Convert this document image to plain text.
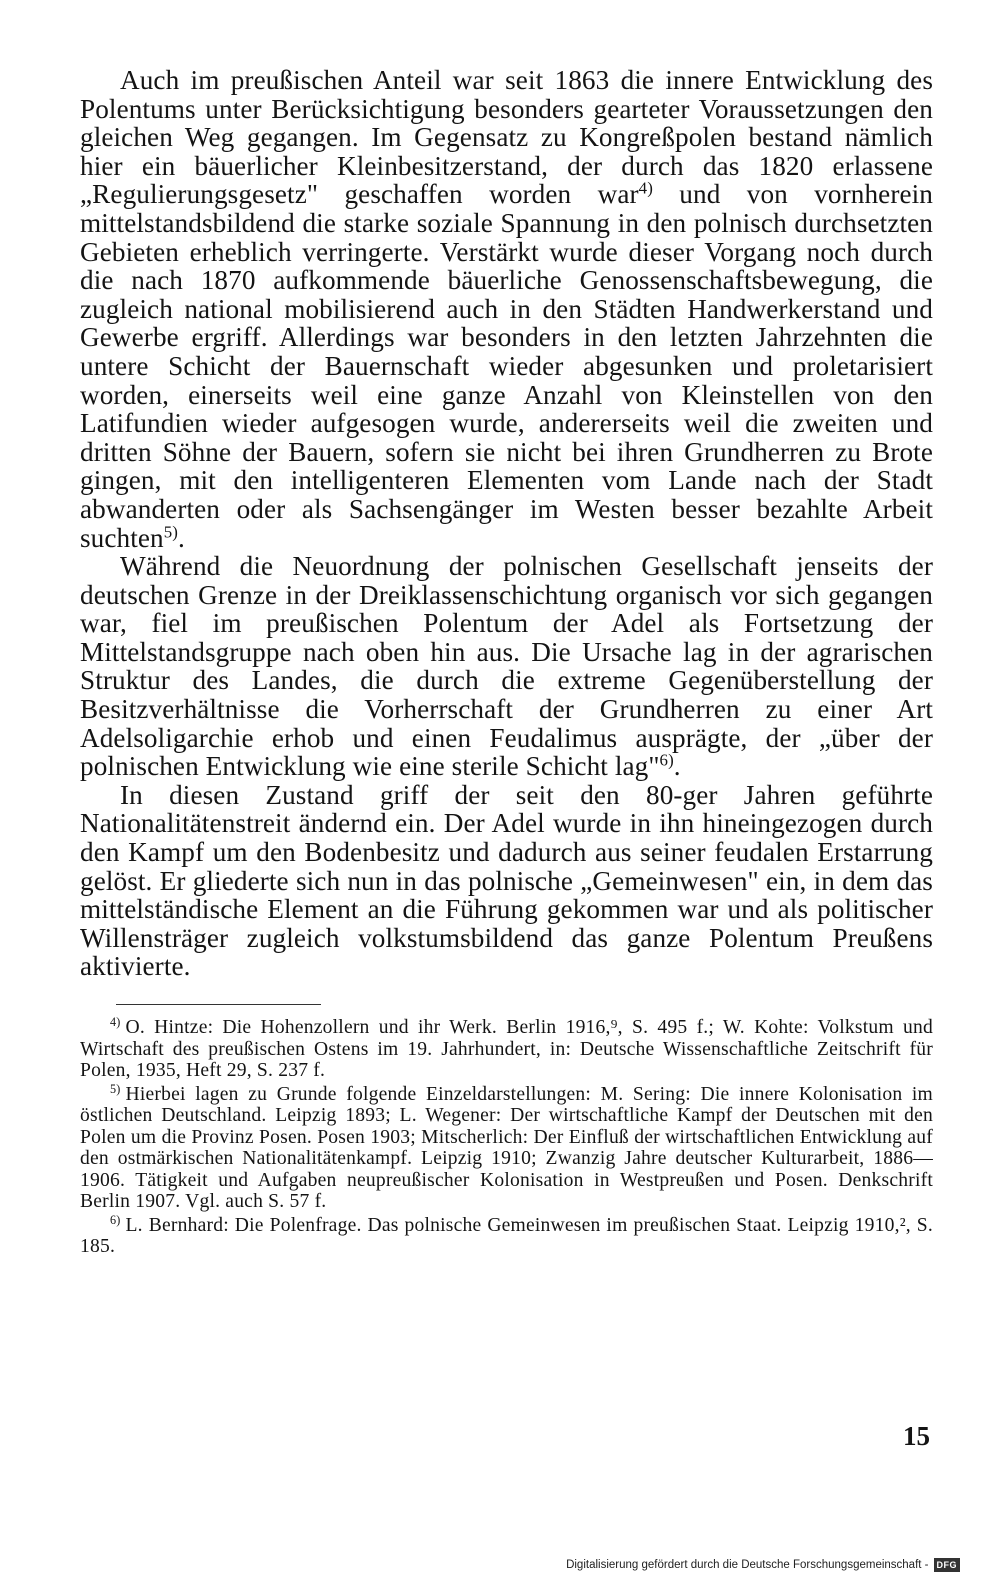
Auch im preußischen Anteil war seit 1863 die innere Entwicklung des Polentums unter Berücksichtigung besonders gearteter Voraussetzungen den gleichen Weg gegangen. Im Gegensatz zu Kongreßpolen bestand nämlich hier ein bäuerlicher Kleinbesitzerstand, der durch das 1820 erlassene „Regulierungsgesetz" geschaffen worden war$^{4)}$ und von vornherein mittelstandsbildend die starke soziale Spannung in den polnisch durchsetzten Gebieten erheblich verringerte. Verstärkt wurde dieser Vorgang noch durch die nach 1870 aufkommende bäuerliche Genossenschaftsbewegung, die zugleich national mobilisierend auch in den Städten Handwerkerstand und Gewerbe ergriff. Allerdings war besonders in den letzten Jahrzehnten die untere Schicht der Bauernschaft wieder abgesunken und proletarisiert worden, einerseits weil eine ganze Anzahl von Kleinstellen von den Latifundien wieder aufgesogen wurde, andererseits weil die zweiten und dritten Söhne der Bauern, sofern sie nicht bei ihren Grundherren zu Brote gingen, mit den intelligenteren Elementen vom Lande nach der Stadt abwanderten oder als Sachsengänger im Westen besser bezahlte Arbeit suchten$^{5)}$.

Während die Neuordnung der polnischen Gesellschaft jenseits der deutschen Grenze in der Dreiklassenschichtung organisch vor sich gegangen war, fiel im preußischen Polentum der Adel als Fortsetzung der Mittelstandsgruppe nach oben hin aus. Die Ursache lag in der agrarischen Struktur des Landes, die durch die extreme Gegenüberstellung der Besitzverhältnisse die Vorherrschaft der Grundherren zu einer Art Adelsoligarchie erhob und einen Feudalimus ausprägte, der „über der polnischen Entwicklung wie eine sterile Schicht lag"$^{6)}$.

In diesen Zustand griff der seit den 80-ger Jahren geführte Nationalitätenstreit ändernd ein. Der Adel wurde in ihn hineingezogen durch den Kampf um den Bodenbesitz und dadurch aus seiner feudalen Erstarrung gelöst. Er gliederte sich nun in das polnische „Gemeinwesen" ein, in dem das mittelständische Element an die Führung gekommen war und als politischer Willensträger zugleich volkstumsbildend das ganze Polentum Preußens aktivierte.

$^{4)}$ O. Hintze: Die Hohenzollern und ihr Werk. Berlin 1916,⁹, S. 495 f.; W. Kohte: Volkstum und Wirtschaft des preußischen Ostens im 19. Jahrhundert, in: Deutsche Wissenschaftliche Zeitschrift für Polen, 1935, Heft 29, S. 237 f.

$^{5)}$ Hierbei lagen zu Grunde folgende Einzeldarstellungen: M. Sering: Die innere Kolonisation im östlichen Deutschland. Leipzig 1893; L. Wegener: Der wirtschaftliche Kampf der Deutschen mit den Polen um die Provinz Posen. Posen 1903; Mitscherlich: Der Einfluß der wirtschaftlichen Entwicklung auf den ostmärkischen Nationalitätenkampf. Leipzig 1910; Zwanzig Jahre deutscher Kulturarbeit, 1886—1906. Tätigkeit und Aufgaben neupreußischer Kolonisation in Westpreußen und Posen. Denkschrift Berlin 1907. Vgl. auch S. 57 f.

$^{6)}$ L. Bernhard: Die Polenfrage. Das polnische Gemeinwesen im preußischen Staat. Leipzig 1910,², S. 185.

15
Digitalisierung gefördert durch die Deutsche Forschungsgemeinschaft - DFG
